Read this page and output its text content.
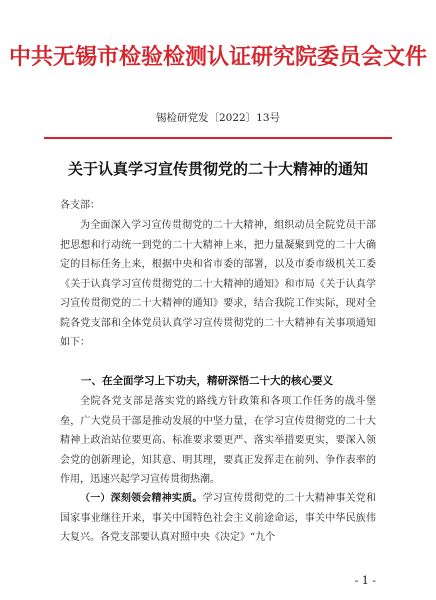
中共无锡市检验检测认证研究院委员会文件
锡检研党发〔2022〕13号
关于认真学习宣传贯彻党的二十大精神的通知
各支部：
为全面深入学习宣传贯彻党的二十大精神，组织动员全院党员干部把思想和行动统一到党的二十大精神上来，把力量凝聚到党的二十大确定的目标任务上来，根据中央和省市委的部署，以及市委市级机关工委《关于认真学习宣传贯彻党的二十大精神的通知》和市局《关于认真学习宣传贯彻党的二十大精神的通知》要求，结合我院工作实际，现对全院各党支部和全体党员认真学习宣传贯彻党的二十大精神有关事项通知如下：
一、在全面学习上下功夫，精研深悟二十大的核心要义
全院各党支部是落实党的路线方针政策和各项工作任务的战斗堡垒，广大党员干部是推动发展的中坚力量，在学习宣传贯彻党的二十大精神上政治站位要更高、标准要求要更严、落实举措要更实，要深入领会党的创新理论，知其意、明其理，要真正发挥走在前列、争作表率的作用，迅速兴起学习宣传贯彻热潮。
（一）深刻领会精神实质。学习宣传贯彻党的二十大精神事关党和国家事业继往开来，事关中国特色社会主义前途命运，事关中华民族伟大复兴。各党支部要认真对照中央《决定》“九个
- 1 -
